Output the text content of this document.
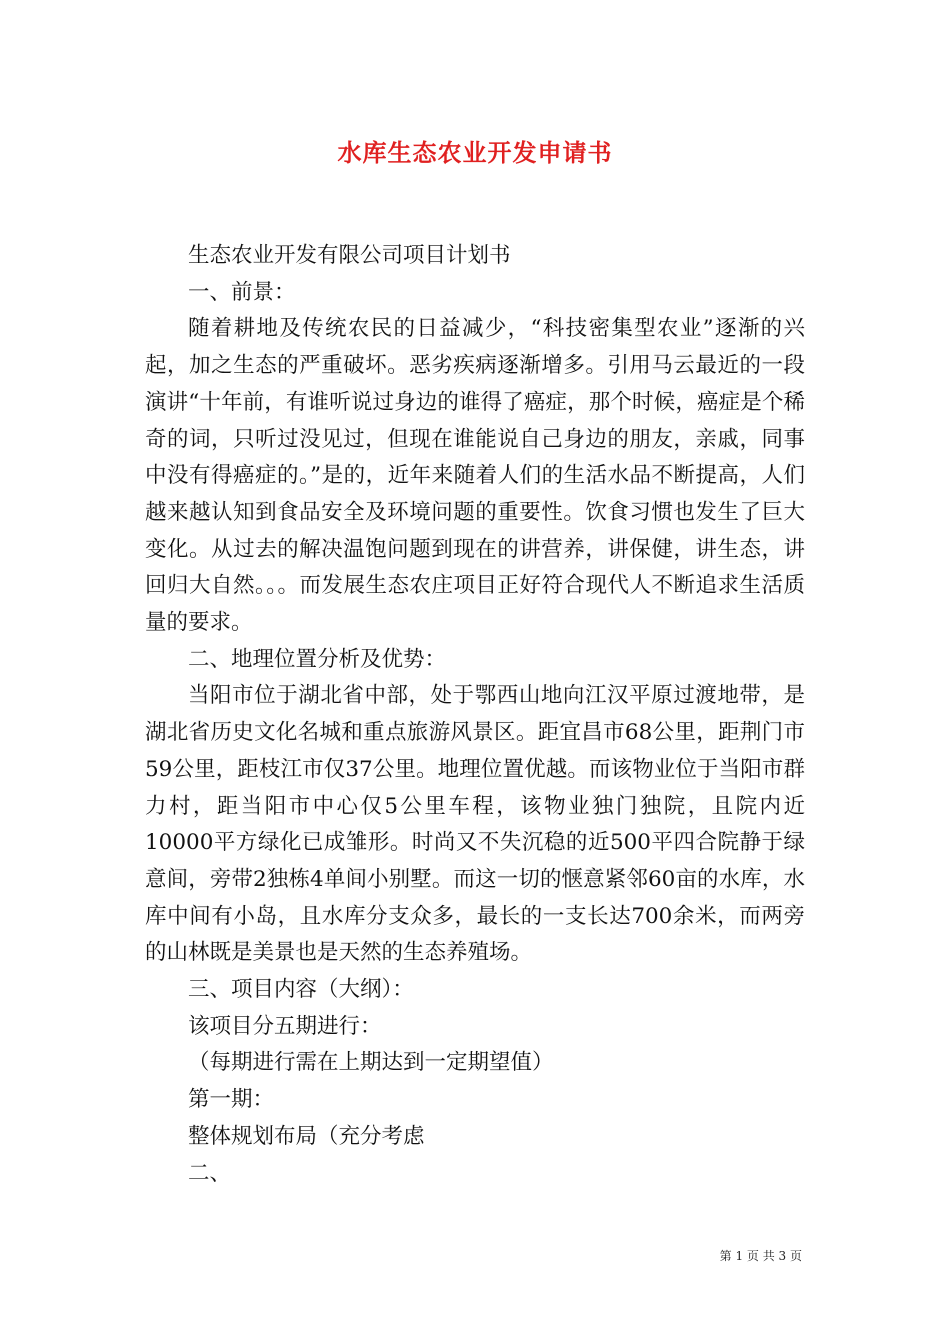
水库生态农业开发申请书

生态农业开发有限公司项目计划书

一、前景：

随着耕地及传统农民的日益减少，“科技密集型农业”逐渐的兴起，加之生态的严重破坏。恶劣疾病逐渐增多。引用马云最近的一段演讲“十年前，有谁听说过身边的谁得了癌症，那个时候，癌症是个稀奇的词，只听过没见过，但现在谁能说自己身边的朋友，亲戚，同事中没有得癌症的。”是的，近年来随着人们的生活水品不断提高，人们越来越认知到食品安全及环境问题的重要性。饮食习惯也发生了巨大变化。从过去的解决温饱问题到现在的讲营养，讲保健，讲生态，讲回归大自然。。。而发展生态农庄项目正好符合现代人不断追求生活质量的要求。

二、地理位置分析及优势：

当阳市位于湖北省中部，处于鄂西山地向江汉平原过渡地带，是湖北省历史文化名城和重点旅游风景区。距宜昌市68公里，距荆门市59公里，距枝江市仅37公里。地理位置优越。而该物业位于当阳市群力村，距当阳市中心仅5公里车程，该物业独门独院，且院内近10000平方绿化已成雏形。时尚又不失沉稳的近500平四合院静于绿意间，旁带2独栋4单间小别墅。而这一切的惬意紧邻60亩的水库，水库中间有小岛，且水库分支众多，最长的一支长达700余米，而两旁的山林既是美景也是天然的生态养殖场。

三、项目内容（大纲）：

该项目分五期进行：

（每期进行需在上期达到一定期望值）

第一期：

整体规划布局（充分考虑

二、

第 1 页 共 3 页
